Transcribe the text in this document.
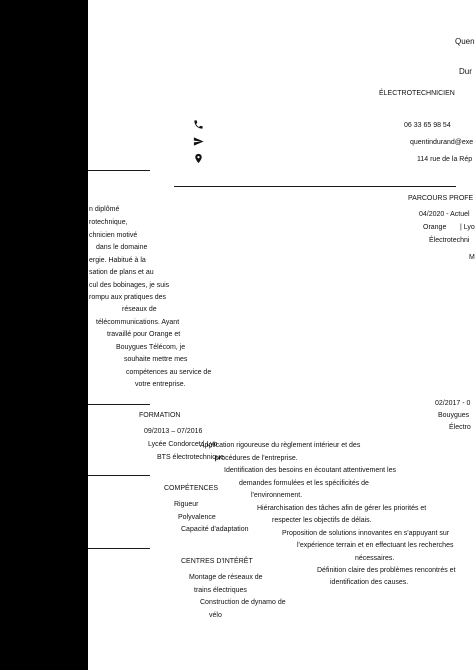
Quen
Dur
ÉLECTROTECHNICIEN
06 33 65 98 54
quentindurand@exe
114 rue de la Rép
n diplômé
rotechnique,
chnicien motivé
dans le domaine
ergie. Habitué à la
sation de plans et au
cul des bobinages, je suis
rompu aux pratiques des
réseaux de
télécommunications. Ayant
travaillé pour Orange et
Bouygues Télécom, je
souhaite mettre mes
compétences au service de
votre entreprise.
PARCOURS PROFE
04/2020 - Actuel
Orange | Lyo
Électrotechni
M
02/2017 - 0
Bouygues
Électro
Application rigoureuse du règlement intérieur et des
procédures de l'entreprise.
Identification des besoins en écoutant attentivement les
demandes formulées et les spécificités de
l'environnement.
Hiérarchisation des tâches afin de gérer les priorités et
respecter les objectifs de délais.
Proposition de solutions innovantes en s'appuyant sur
l'expérience terrain et en effectuant les recherches
nécessaires.
Définition claire des problèmes rencontrés et
identification des causes.
FORMATION
09/2013 – 07/2016
Lycée Condorcet | Lyo
BTS électrotechnique
COMPÉTENCES
Rigueur
Polyvalence
Capacité d'adaptation
CENTRES D'INTÉRÊT
Montage de réseaux de
trains électriques
Construction de dynamo de
vélo
